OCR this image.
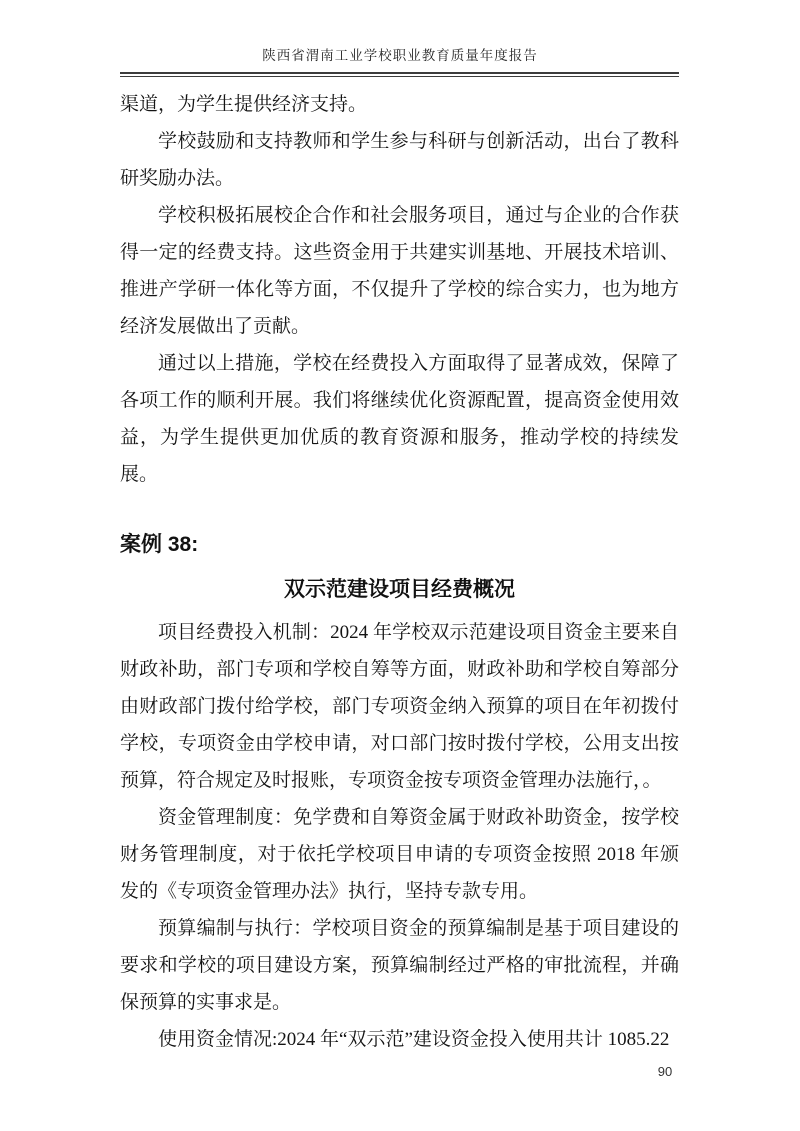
陕西省渭南工业学校职业教育质量年度报告

渠道，为学生提供经济支持。

学校鼓励和支持教师和学生参与科研与创新活动，出台了教科研奖励办法。

学校积极拓展校企合作和社会服务项目，通过与企业的合作获得一定的经费支持。这些资金用于共建实训基地、开展技术培训、推进产学研一体化等方面，不仅提升了学校的综合实力，也为地方经济发展做出了贡献。

通过以上措施，学校在经费投入方面取得了显著成效，保障了各项工作的顺利开展。我们将继续优化资源配置，提高资金使用效益，为学生提供更加优质的教育资源和服务，推动学校的持续发展。

案例 38:
双示范建设项目经费概况

项目经费投入机制：2024 年学校双示范建设项目资金主要来自财政补助，部门专项和学校自筹等方面，财政补助和学校自筹部分由财政部门拨付给学校，部门专项资金纳入预算的项目在年初拨付学校，专项资金由学校申请，对口部门按时拨付学校，公用支出按预算，符合规定及时报账，专项资金按专项资金管理办法施行，。

资金管理制度：免学费和自筹资金属于财政补助资金，按学校财务管理制度，对于依托学校项目申请的专项资金按照 2018 年颁发的《专项资金管理办法》执行，坚持专款专用。

预算编制与执行：学校项目资金的预算编制是基于项目建设的要求和学校的项目建设方案，预算编制经过严格的审批流程，并确保预算的实事求是。

使用资金情况:2024 年“双示范”建设资金投入使用共计 1085.22

90
